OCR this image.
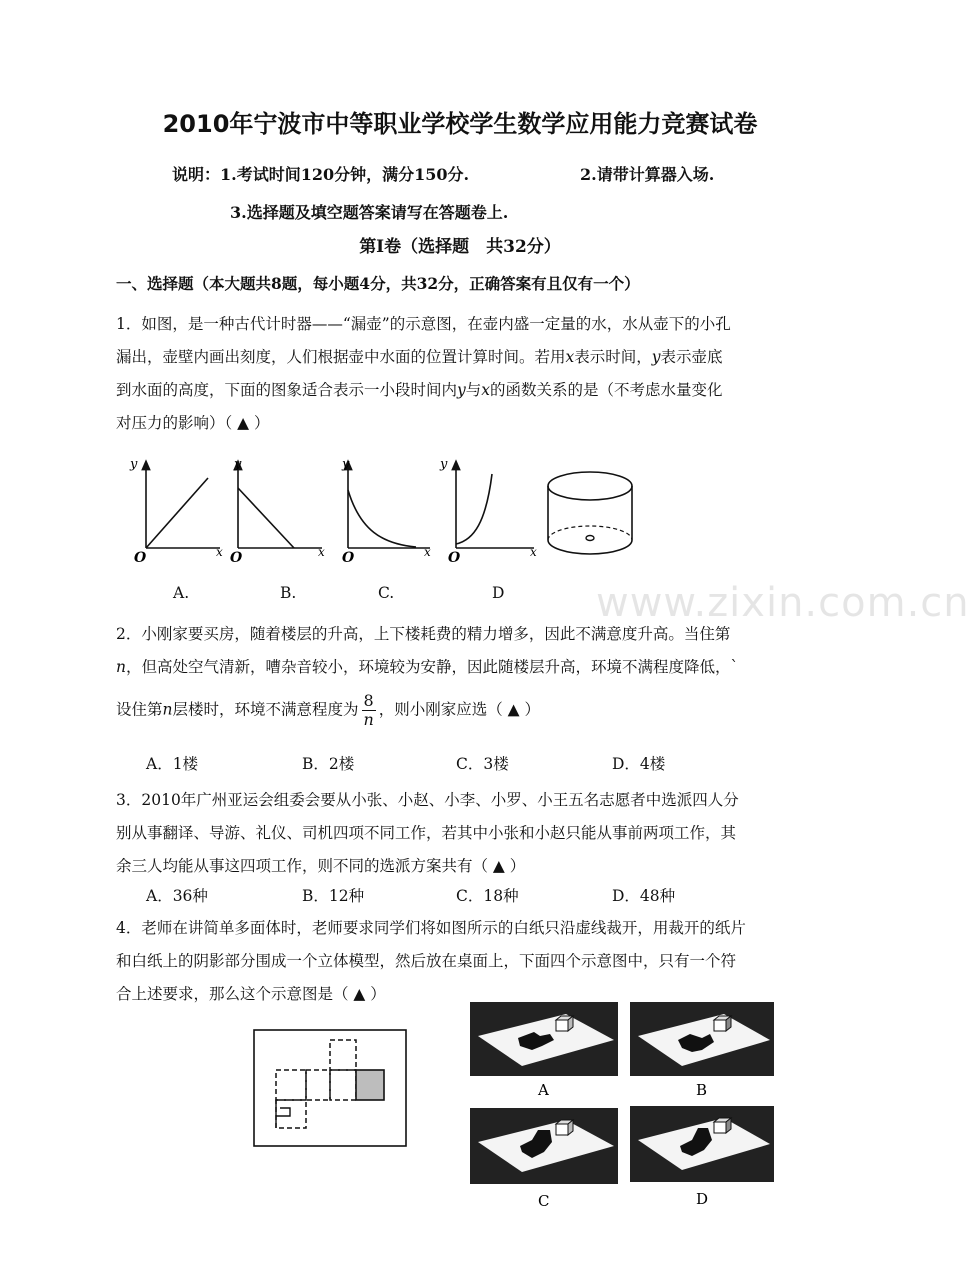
2010年宁波市中等职业学校学生数学应用能力竞赛试卷
说明：1.考试时间120分钟，满分150分.	2.请带计算器入场.
3.选择题及填空题答案请写在答题卷上.
第Ⅰ卷（选择题　共32分）
一、选择题（本大题共8题，每小题4分，共32分，正确答案有且仅有一个）
1．如图，是一种古代计时器——“漏壶”的示意图，在壶内盛一定量的水，水从壶下的小孔
漏出，壶壁内画出刻度，人们根据壶中水面的位置计算时间。若用x表示时间，y表示壶底
到水面的高度，下面的图象适合表示一小段时间内y与x的函数关系的是（不考虑水量变化
对压力的影响）（ ▲ ）
y
O	x
y
O	x
y
O	x
y
O	x
A.	B.	C.	D www.zixin.com.cn
2．小刚家要买房，随着楼层的升高，上下楼耗费的精力增多，因此不满意度升高。当住第
n，但高处空气清新，嘈杂音较小，环境较为安静，因此随楼层升高，环境不满程度降低，`
设住第n层楼时，环境不满意程度为 $\frac{8}{n}$ ，则小刚家应选（ ▲ ）
A．1楼	B．2楼	C．3楼	D．4楼
3．2010年广州亚运会组委会要从小张、小赵、小李、小罗、小王五名志愿者中选派四人分
别从事翻译、导游、礼仪、司机四项不同工作，若其中小张和小赵只能从事前两项工作，其
余三人均能从事这四项工作，则不同的选派方案共有（ ▲ ）
A．36种	B．12种	C．18种	D．48种
4．老师在讲简单多面体时，老师要求同学们将如图所示的白纸只沿虚线裁开，用裁开的纸片
和白纸上的阴影部分围成一个立体模型，然后放在桌面上，下面四个示意图中，只有一个符
合上述要求，那么这个示意图是（ ▲ ）
A	B
C	D
